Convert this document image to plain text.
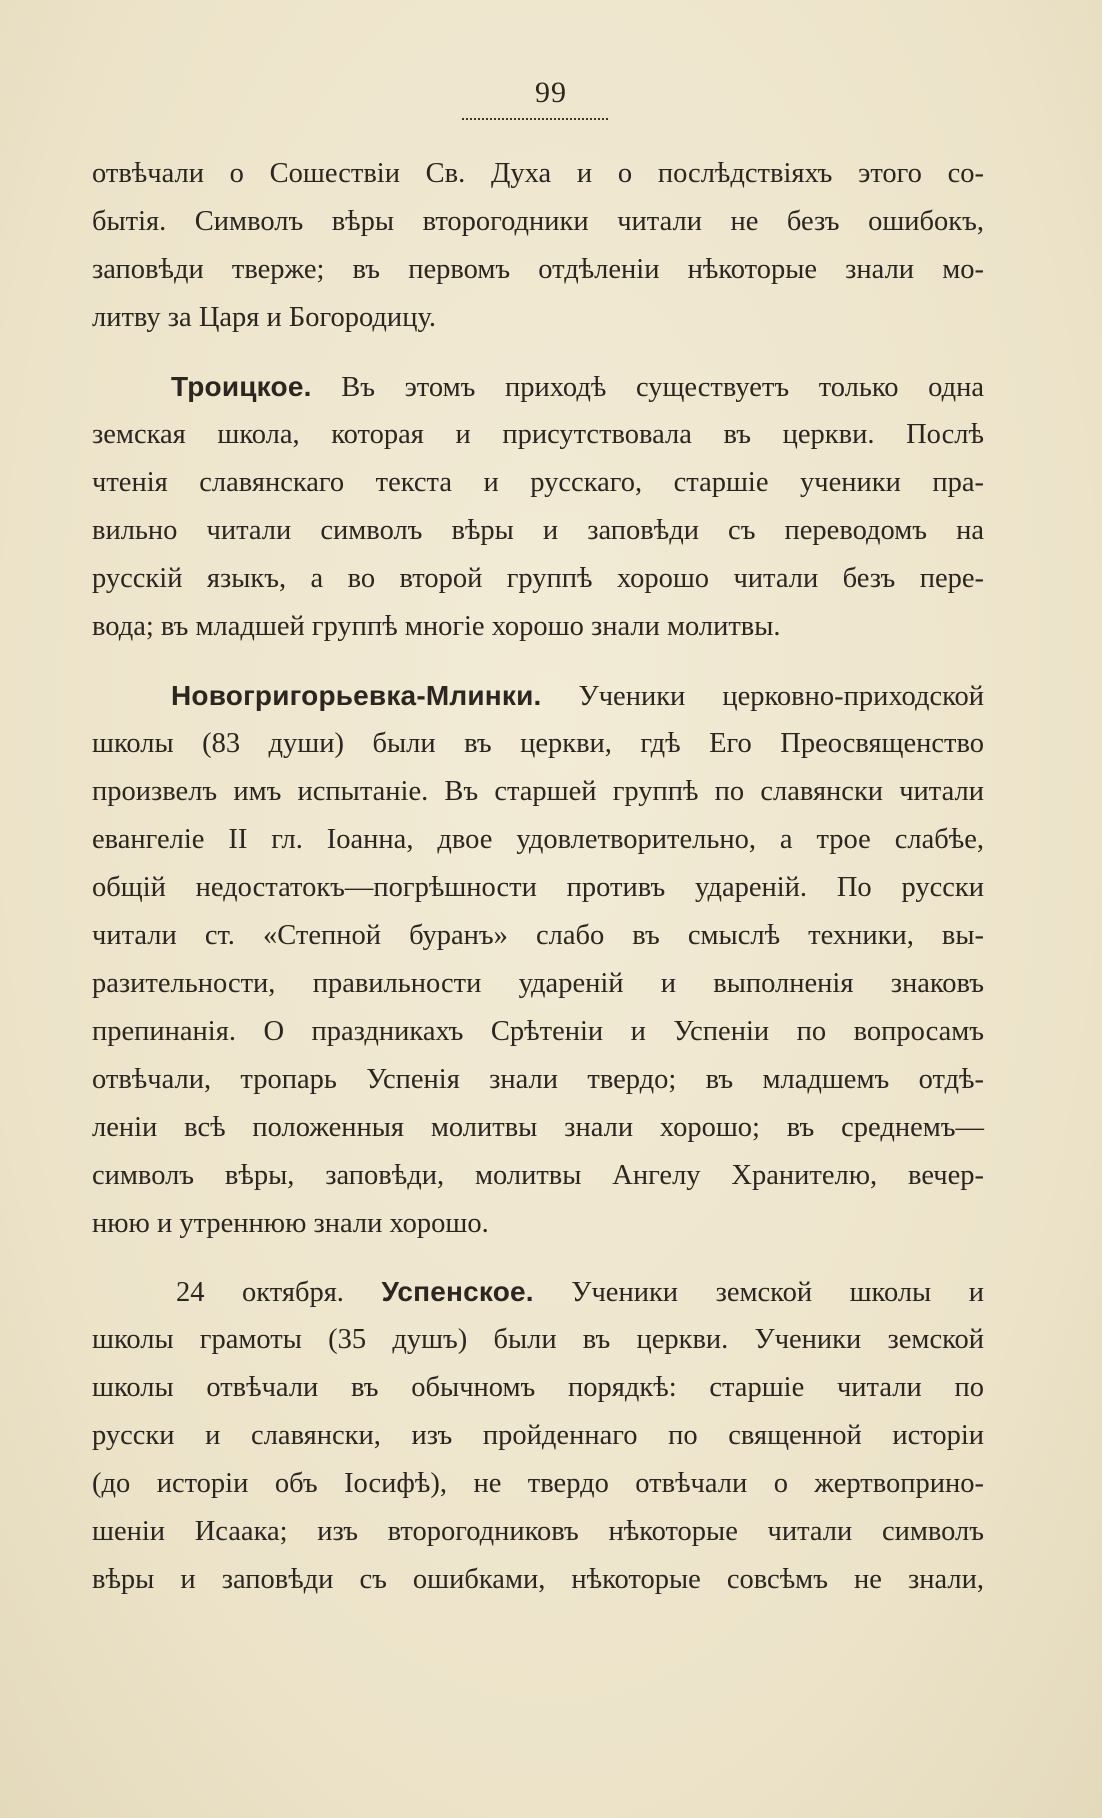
99
отвѣчали о Сошествіи Св. Духа и о послѣдствіяхъ этого со-
бытія. Символъ вѣры второгодники читали не безъ ошибокъ,
заповѣди тверже; въ первомъ отдѣленіи нѣкоторые знали мо-
литву за Царя и Богородицу.
Троицкое. Въ этомъ приходѣ существуетъ только одна
земская школа, которая и присутствовала въ церкви. Послѣ
чтенія славянскаго текста и русскаго, старшіе ученики пра-
вильно читали символъ вѣры и заповѣди съ переводомъ на
русскій языкъ, а во второй группѣ хорошо читали безъ пере-
вода; въ младшей группѣ многіе хорошо знали молитвы.
Новогригорьевка-Млинки. Ученики церковно-приходской
школы (83 души) были въ церкви, гдѣ Его Преосвященство
произвелъ имъ испытаніе. Въ старшей группѣ по славянски читали
евангеліе II гл. Іоанна, двое удовлетворительно, а трое слабѣе,
общій недостатокъ—погрѣшности противъ удареній. По русски
читали ст. «Степной буранъ» слабо въ смыслѣ техники, вы-
разительности, правильности удареній и выполненія знаковъ
препинанія. О праздникахъ Срѣтеніи и Успеніи по вопросамъ
отвѣчали, тропарь Успенія знали твердо; въ младшемъ отдѣ-
леніи всѣ положенныя молитвы знали хорошо; въ среднемъ—
символъ вѣры, заповѣди, молитвы Ангелу Хранителю, вечер-
нюю и утреннюю знали хорошо.
24 октября. Успенское. Ученики земской школы и
школы грамоты (35 душъ) были въ церкви. Ученики земской
школы отвѣчали въ обычномъ порядкѣ: старшіе читали по
русски и славянски, изъ пройденнаго по священной исторіи
(до исторіи объ Іосифѣ), не твердо отвѣчали о жертвоприно-
шеніи Исаака; изъ второгодниковъ нѣкоторые читали символъ
вѣры и заповѣди съ ошибками, нѣкоторые совсѣмъ не знали,
